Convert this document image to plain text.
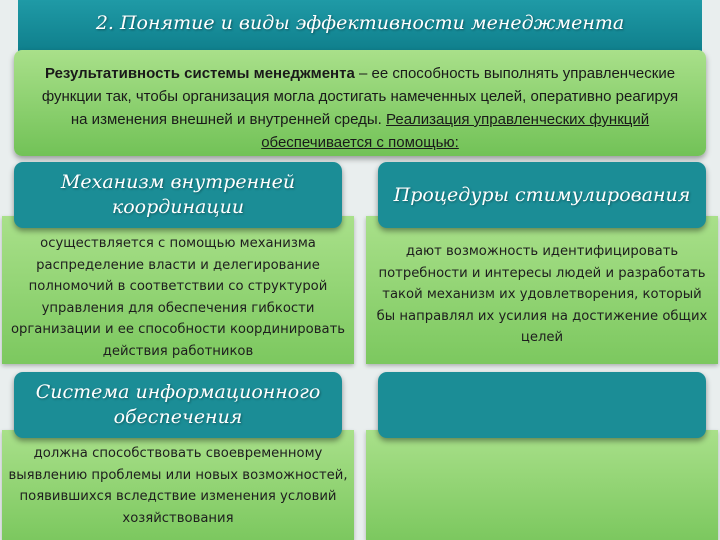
2. Понятие и виды эффективности менеджмента
Результативность системы менеджмента – ее способность выполнять управленческие функции так, чтобы организация могла достигать намеченных целей, оперативно реагируя на изменения внешней и внутренней среды. Реализация управленческих функций обеспечивается с помощью:
Механизм внутренней координации
осуществляется с помощью механизма распределение власти и делегирование полномочий в соответствии со структурой управления для обеспечения гибкости организации и ее способности координировать действия работников
Процедуры стимулирования
дают возможность идентифицировать потребности и интересы людей и разработать такой механизм их удовлетворения, который бы направлял их усилия на достижение общих целей
Система информационного обеспечения
должна способствовать своевременному выявлению проблемы или новых возможностей, появившихся вследствие изменения условий хозяйствования
